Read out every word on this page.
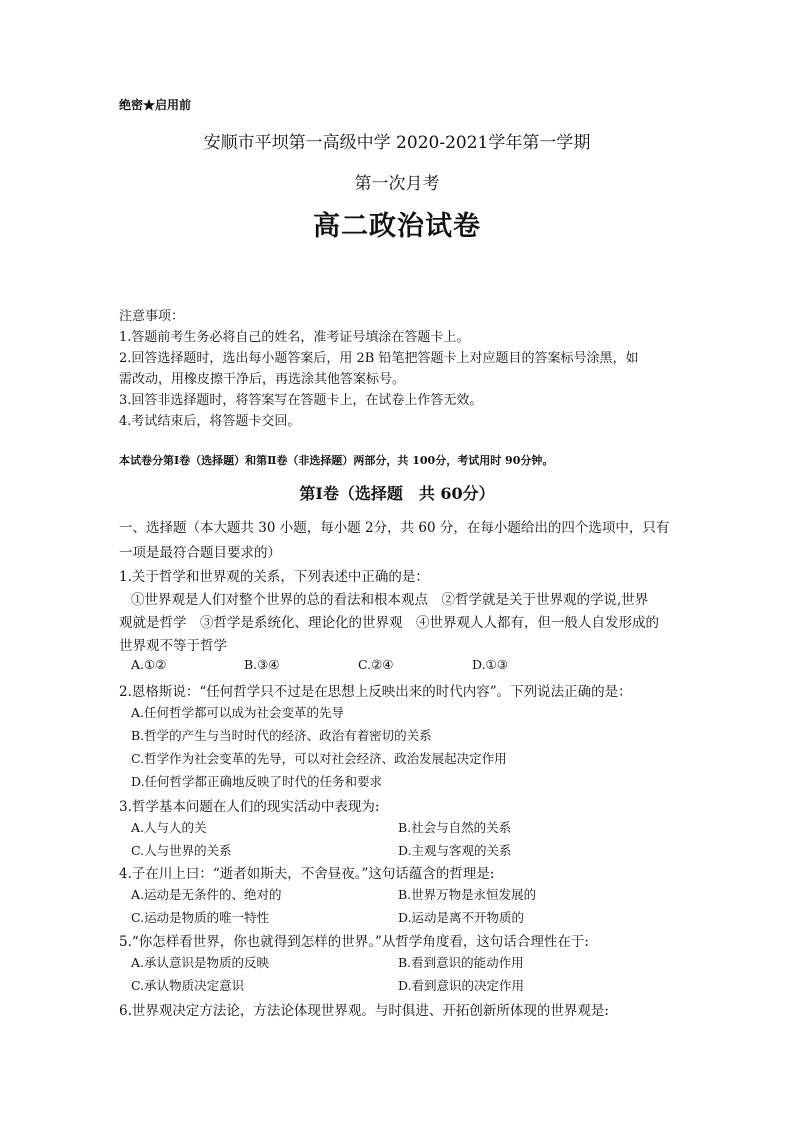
绝密★启用前
安顺市平坝第一高级中学 2020-2021学年第一学期
第一次月考
高二政治试卷
注意事项：
1.答题前考生务必将自己的姓名，准考证号填涂在答题卡上。
2.回答选择题时，选出每小题答案后，用 2B 铅笔把答题卡上对应题目的答案标号涂黑，如
需改动，用橡皮擦干净后，再选涂其他答案标号。
3.回答非选择题时，将答案写在答题卡上，在试卷上作答无效。
4.考试结束后，将答题卡交回。
本试卷分第Ⅰ卷（选择题）和第Ⅱ卷（非选择题）两部分，共 100分，考试用时 90分钟。
第Ⅰ卷（选择题　共 60分）
一、选择题（本大题共 30 小题，每小题 2分，共 60 分，在每小题给出的四个选项中，只有
一项是最符合题目要求的）
1.关于哲学和世界观的关系，下列表述中正确的是：
①世界观是人们对整个世界的总的看法和根本观点　②哲学就是关于世界观的学说,世界
观就是哲学　③哲学是系统化、理论化的世界观　④世界观人人都有，但一般人自发形成的
世界观不等于哲学
A.①②	B.③④	C.②④	D.①③
2.恩格斯说：“任何哲学只不过是在思想上反映出来的时代内容”。下列说法正确的是：
A.任何哲学都可以成为社会变革的先导
B.哲学的产生与当时时代的经济、政治有着密切的关系
C.哲学作为社会变革的先导，可以对社会经济、政治发展起决定作用
D.任何哲学都正确地反映了时代的任务和要求
3.哲学基本问题在人们的现实活动中表现为:
A.人与人的关	B.社会与自然的关系
C.人与世界的关系	D.主观与客观的关系
4.子在川上曰：“逝者如斯夫，不舍昼夜。”这句话蕴含的哲理是:
A.运动是无条件的、绝对的	B.世界万物是永恒发展的
C.运动是物质的唯一特性	D.运动是离不开物质的
5.“你怎样看世界，你也就得到怎样的世界。”从哲学角度看，这句话合理性在于:
A.承认意识是物质的反映	B.看到意识的能动作用
C.承认物质决定意识	D.看到意识的决定作用
6.世界观决定方法论，方法论体现世界观。与时俱进、开拓创新所体现的世界观是:
